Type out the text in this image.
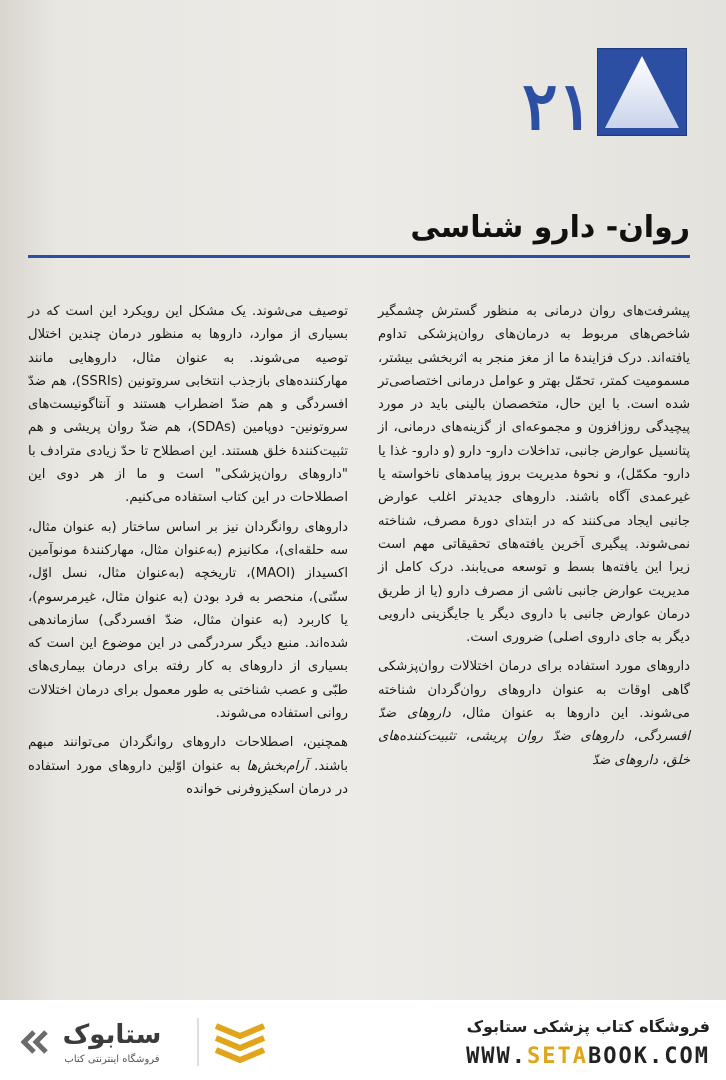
۲۱
روان- دارو شناسی

پیشرفت‌های روان درمانی به منظور گسترش چشمگیر شاخص‌های مربوط به درمان‌های روان‌پزشکی تداوم یافته‌اند. درک فزایندهٔ ما از مغز منجر به اثربخشی بیشتر، مسمومیت کمتر، تحمّل بهتر و عوامل درمانی اختصاصی‌تر شده است. با این حال، متخصصان بالینی باید در مورد پیچیدگی روزافزون و مجموعه‌ای از گزینه‌های درمانی، از پتانسیل عوارض جانبی، تداخلات دارو- دارو (و دارو- غذا یا دارو- مکمّل)، و نحوهٔ مدیریت بروز پیامدهای ناخواسته یا غیرعمدی آگاه باشند. داروهای جدیدتر اغلب عوارض جانبی ایجاد می‌کنند که در ابتدای دورهٔ مصرف، شناخته نمی‌شوند. پیگیری آخرین یافته‌های تحقیقاتی مهم است زیرا این یافته‌ها بسط و توسعه می‌یابند. درک کامل از مدیریت عوارض جانبی ناشی از مصرف دارو (یا از طریق درمان عوارض جانبی با داروی دیگر یا جایگزینی دارویی دیگر به جای داروی اصلی) ضروری است.

داروهای مورد استفاده برای درمان اختلالات روان‌پزشکی گاهی اوقات به عنوان داروهای روان‌گردان شناخته می‌شوند. این داروها به عنوان مثال، داروهای ضدّ افسردگی، داروهای ضدّ روان پریشی، تثبیت‌کننده‌های خلق، داروهای ضدّ

توصیف می‌شوند. یک مشکل این رویکرد این است که در بسیاری از موارد، داروها به منظور درمان چندین اختلال توصیه می‌شوند. به عنوان مثال، داروهایی مانند مهارکننده‌های بازجذب انتخابی سروتونین (SSRIs)، هم ضدّ افسردگی و هم ضدّ اضطراب هستند و آنتاگونیست‌های سروتونین- دوپامین (SDAs)، هم ضدّ روان پریشی و هم تثبیت‌کنندهٔ خلق هستند. این اصطلاح تا حدّ زیادی مترادف با "داروهای روان‌پزشکی" است و ما از هر دوی این اصطلاحات در این کتاب استفاده می‌کنیم.

داروهای روانگردان نیز بر اساس ساختار (به عنوان مثال، سه حلقه‌ای)، مکانیزم (به‌عنوان مثال، مهارکنندهٔ مونوآمین اکسیداز (MAOI)، تاریخچه (به‌عنوان مثال، نسل اوّل، سنّتی)، منحصر به فرد بودن (به عنوان مثال، غیرمرسوم)، یا کاربرد (به عنوان مثال، ضدّ افسردگی) سازماندهی شده‌اند. منبع دیگر سردرگمی در این موضوع این است که بسیاری از داروهای به کار رفته برای درمان بیماری‌های طبّی و عصب شناختی به طور معمول برای درمان اختلالات روانی استفاده می‌شوند.

همچنین، اصطلاحات داروهای روانگردان می‌توانند مبهم باشند. آرام‌بخش‌ها به عنوان اوّلین داروهای مورد استفاده در درمان اسکیزوفرنی خوانده

ستابوک
فروشگاه اینترنتی کتاب
فروشگاه کتاب پزشکی ستابوک
WWW.SETABOOK.COM
